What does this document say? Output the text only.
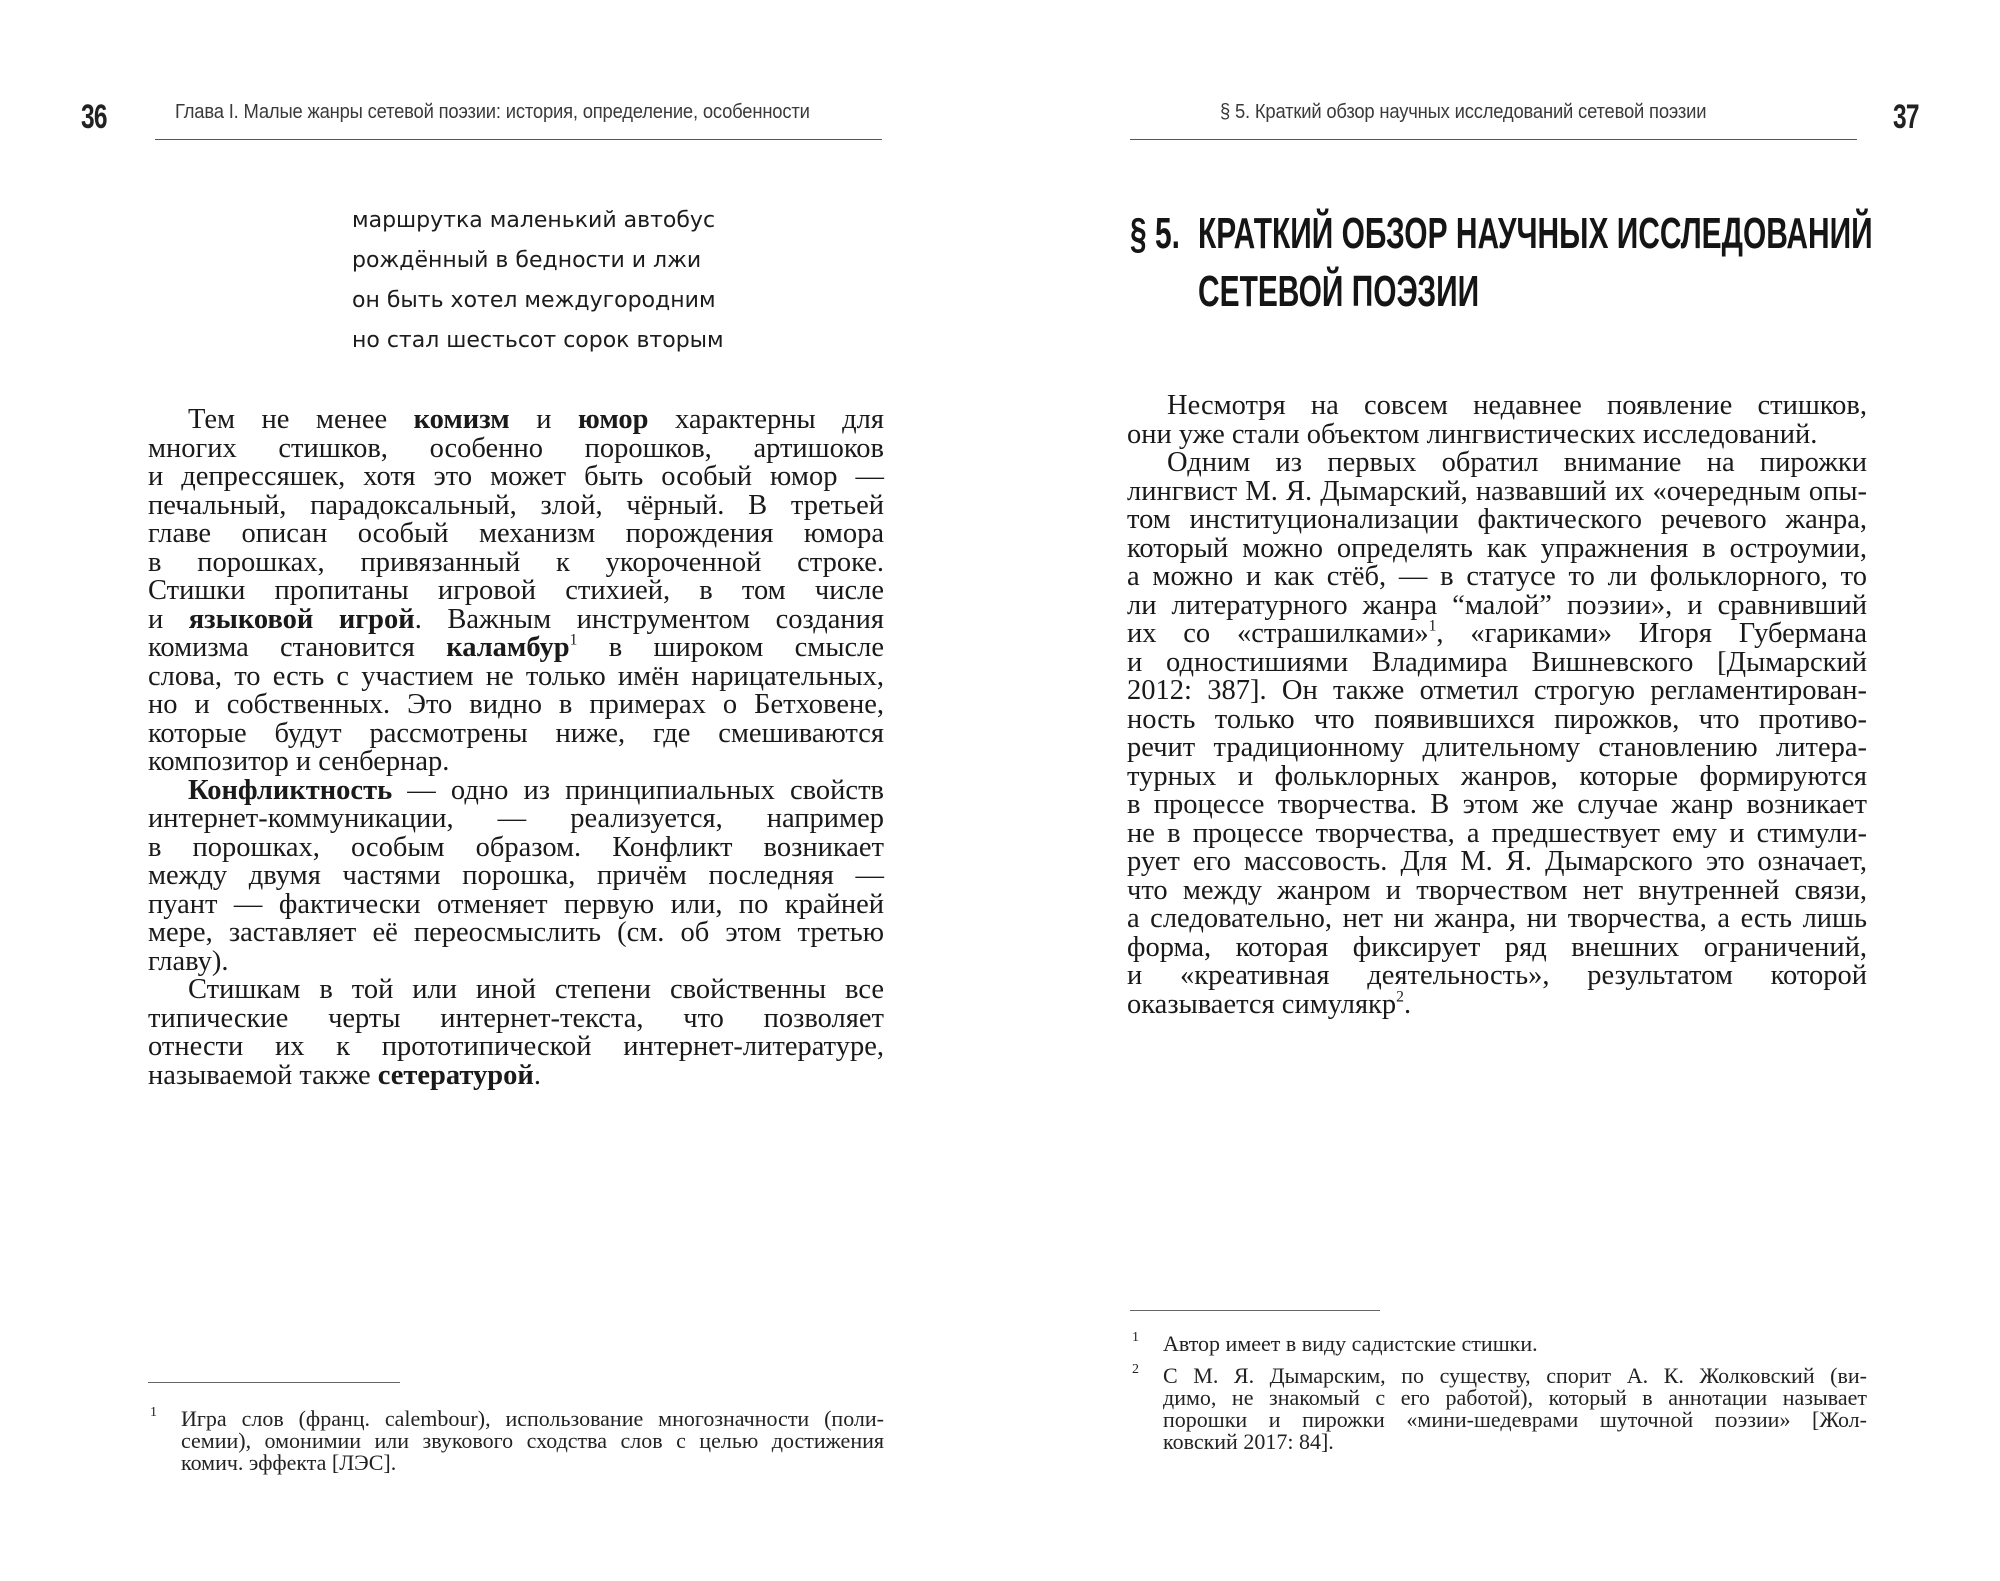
36	Глава I. Малые жанры сетевой поэзии: история, определение, особенности
маршрутка маленький автобус
рождённый в бедности и лжи
он быть хотел междугородним
но стал шестьсот сорок вторым
Тем не менее комизм и юмор характерны для
многих стишков, особенно порошков, артишоков
и депрессяшек, хотя это может быть особый юмор —
печальный, парадоксальный, злой, чёрный. В третьей
главе описан особый механизм порождения юмора
в порошках, привязанный к укороченной строке.
Стишки пропитаны игровой стихией, в том числе
и языковой игрой. Важным инструментом создания
комизма становится каламбур$^1$ в широком смысле
слова, то есть с участием не только имён нарицательных,
но и собственных. Это видно в примерах о Бетховене,
которые будут рассмотрены ниже, где смешиваются
композитор и сенбернар.
Конфликтность — одно из принципиальных свойств
интернет-коммуникации, — реализуется, например
в порошках, особым образом. Конфликт возникает
между двумя частями порошка, причём последняя —
пуант — фактически отменяет первую или, по крайней
мере, заставляет её переосмыслить (см. об этом третью
главу).
Стишкам в той или иной степени свойственны все
типические черты интернет-текста, что позволяет
отнести их к прототипической интернет-литературе,
называемой также сетературой.
1 Игра слов (франц. calembour), использование многозначности (поли-
семии), омонимии или звукового сходства слов с целью достижения
комич. эффекта [ЛЭС].
§ 5. Краткий обзор научных исследований сетевой поэзии	37
§ 5. КРАТКИЙ ОБЗОР НАУЧНЫХ ИССЛЕДОВАНИЙ
СЕТЕВОЙ ПОЭЗИИ
Несмотря на совсем недавнее появление стишков,
они уже стали объектом лингвистических исследований.
Одним из первых обратил внимание на пирожки
лингвист М. Я. Дымарский, назвавший их «очередным опы-
том институционализации фактического речевого жанра,
который можно определять как упражнения в остроумии,
а можно и как стёб, — в статусе то ли фольклорного, то
ли литературного жанра “малой” поэзии», и сравнивший
их со «страшилками»$^1$, «гариками» Игоря Губермана
и одностишиями Владимира Вишневского [Дымарский
2012: 387]. Он также отметил строгую регламентирован-
ность только что появившихся пирожков, что противо-
речит традиционному длительному становлению литера-
турных и фольклорных жанров, которые формируются
в процессе творчества. В этом же случае жанр возникает
не в процессе творчества, а предшествует ему и стимули-
рует его массовость. Для М. Я. Дымарского это означает,
что между жанром и творчеством нет внутренней связи,
а следовательно, нет ни жанра, ни творчества, а есть лишь
форма, которая фиксирует ряд внешних ограничений,
и «креативная деятельность», результатом которой
оказывается симулякр$^2$.
1 Автор имеет в виду садистские стишки.
2 С М. Я. Дымарским, по существу, спорит А. К. Жолковский (ви-
димо, не знакомый с его работой), который в аннотации называет
порошки и пирожки «мини-шедеврами шуточной поэзии» [Жол-
ковский 2017: 84].
